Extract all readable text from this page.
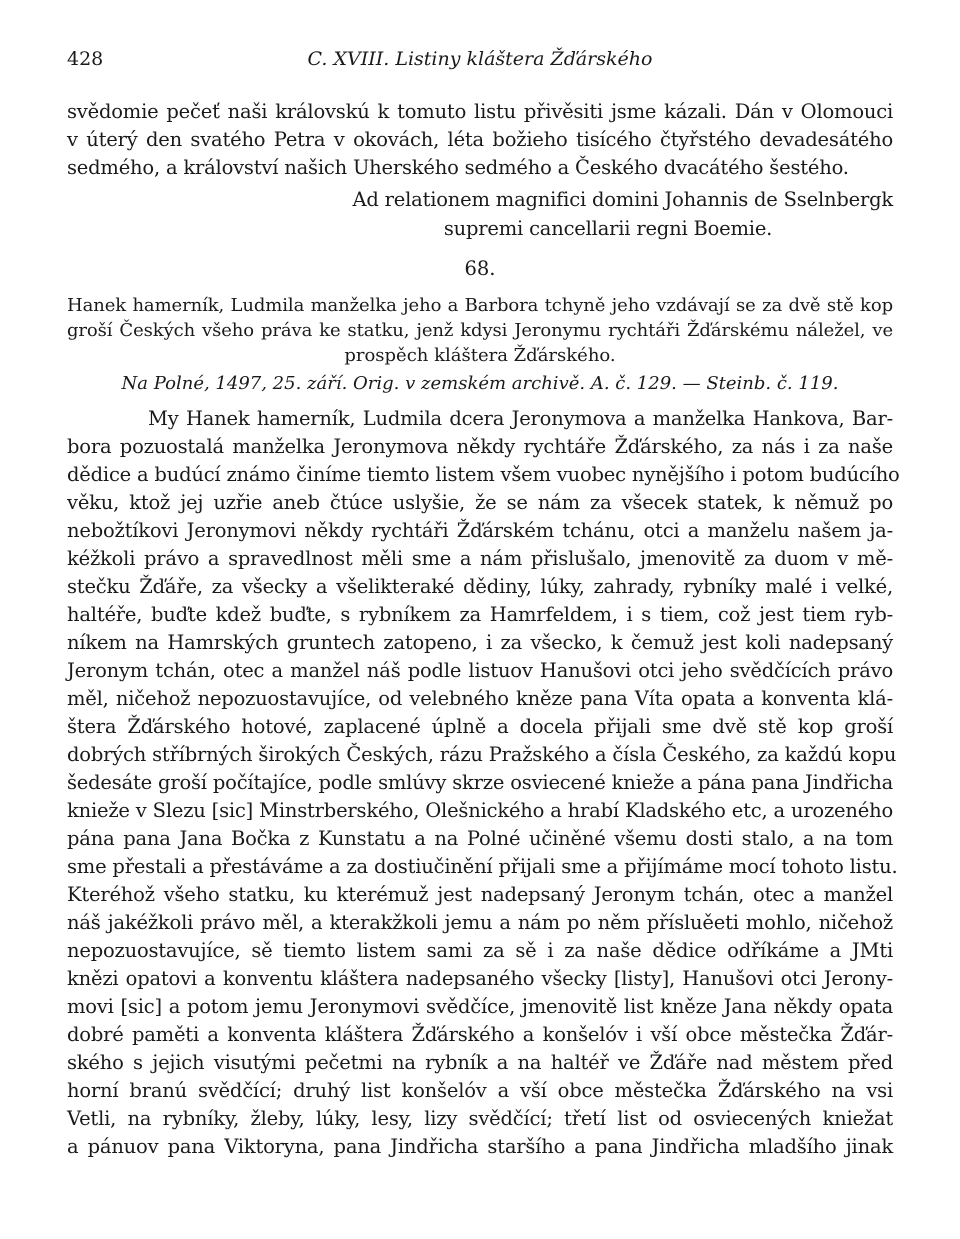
428	C. XVIII. Listiny kláštera Žďárského
svědomie pečeť naši královskú k tomuto listu přivěsiti jsme kázali. Dán v Olomouci
v úterý den svatého Petra v okovách, léta božieho tisícého čtyřstého devadesátého
sedmého, a království našich Uherského sedmého a Českého dvacátého šestého.
Ad relationem magnifici domini Johannis de Sselnbergk
supremi cancellarii regni Boemie.
68.
Hanek hamerník, Ludmila manželka jeho a Barbora tchyně jeho vzdávají se za dvě stě kop
groší Českých všeho práva ke statku, jenž kdysi Jeronymu rychtáři Žďárskému náležel, ve
prospěch kláštera Žďárského.
Na Polné, 1497, 25. září. Orig. v zemském archivě. A. č. 129. — Steinb. č. 119.
My Hanek hamerník, Ludmila dcera Jeronymova a manželka Hankova, Bar-
bora pozuostalá manželka Jeronymova někdy rychtáře Žďárského, za nás i za naše
dědice a budúcí známo činíme tiemto listem všem vuobec nynějšího i potom budúcího
věku, ktož jej uzřie aneb čtúce uslyšie, že se nám za všecek statek, k němuž po
nebožtíkovi Jeronymovi někdy rychtáři Žďárském tchánu, otci a manželu našem ja-
kéžkoli právo a spravedlnost měli sme a nám přislušalo, jmenovitě za duom v mě-
stečku Žďáře, za všecky a všelikteraké dědiny, lúky, zahrady, rybníky malé i velké,
haltéře, buďte kdež buďte, s rybníkem za Hamrfeldem, i s tiem, což jest tiem ryb-
níkem na Hamrských gruntech zatopeno, i za všecko, k čemuž jest koli nadepsaný
Jeronym tchán, otec a manžel náš podle listuov Hanušovi otci jeho svědčících právo
měl, ničehož nepozuostavujíce, od velebného kněze pana Víta opata a konventa klá-
štera Žďárského hotové, zaplacené úplně a docela přijali sme dvě stě kop groší
dobrých stříbrných širokých Českých, rázu Pražského a čísla Českého, za každú kopu
šedesáte groší počítajíce, podle smlúvy skrze osviecené knieže a pána pana Jindřicha
knieže v Slezu [sic] Minstrberského, Olešnického a hrabí Kladského etc, a urozeného
pána pana Jana Bočka z Kunstatu a na Polné učiněné všemu dosti stalo, a na tom
sme přestali a přestáváme a za dostiučinění přijali sme a přijímáme mocí tohoto listu.
Kteréhož všeho statku, ku kterémuž jest nadepsaný Jeronym tchán, otec a manžel
náš jakéžkoli právo měl, a kterakžkoli jemu a nám po něm přísluěeti mohlo, ničehož
nepozuostavujíce, sě tiemto listem sami za sě i za naše dědice odříkáme a JMti
knězi opatovi a konventu kláštera nadepsaného všecky [listy], Hanušovi otci Jerony-
movi [sic] a potom jemu Jeronymovi svědčíce, jmenovitě list kněze Jana někdy opata
dobré paměti a konventa kláštera Žďárského a konšelóv i vší obce městečka Žďár-
ského s jejich visutými pečetmi na rybník a na haltéř ve Žďáře nad městem před
horní branú svědčící; druhý list konšelóv a vší obce městečka Žďárského na vsi
Vetli, na rybníky, žleby, lúky, lesy, lizy svědčící; třetí list od osviecených kniežat
a pánuov pana Viktoryna, pana Jindřicha staršího a pana Jindřicha mladšího jinak
